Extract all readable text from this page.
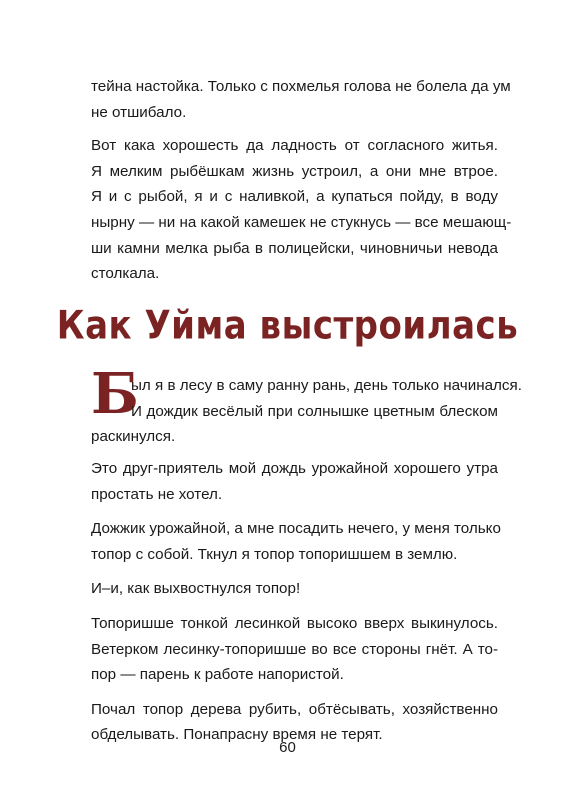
тейна настойка. Только с похмелья голова не болела да ум
не отшибало.

Вот кака хорошесть да ладность от согласного житья.
Я мелким рыбёшкам жизнь устроил, а они мне втрое.
Я и с рыбой, я и с наливкой, а купаться пойду, в воду
нырну — ни на какой камешек не стукнусь — все мешающ-
ши камни мелка рыба в полицейски, чиновничьи невода
столкала.

Как Уйма выстроилась
Б
ыл я в лесу в саму ранну рань, день только начинался.
И дождик весёлый при солнышке цветным блеском
раскинулся.

Это друг-приятель мой дождь урожайной хорошего утра
простать не хотел.

Дожжик урожайной, а мне посадить нечего, у меня только
топор с собой. Ткнул я топор топоришшем в землю.

И–и, как выхвостнулся топор!

Топоришше тонкой лесинкой высоко вверх выкинулось.
Ветерком лесинку-топоришше во все стороны гнёт. А то-
пор — парень к работе напористой.

Почал топор дерева рубить, обтёсывать, хозяйственно
обделывать. Понапрасну время не терят.

60
